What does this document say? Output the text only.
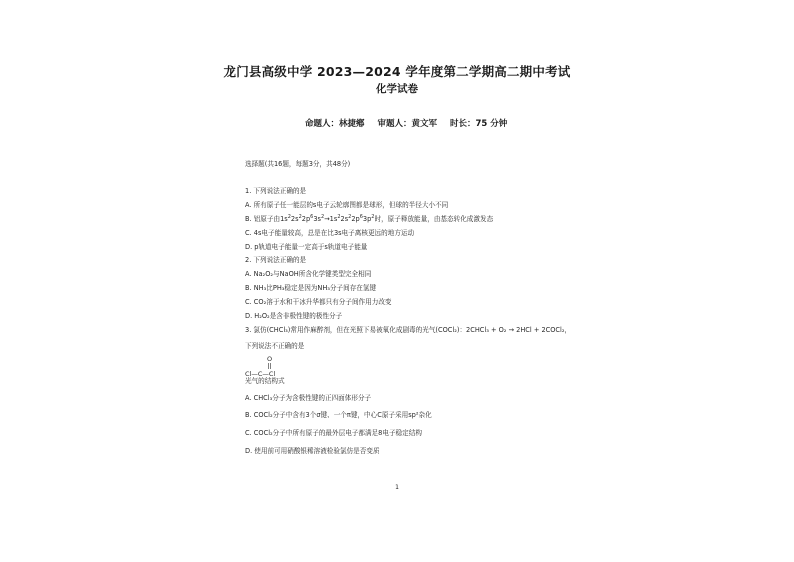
龙门县高级中学 2023—2024 学年度第二学期高二期中考试
化学试卷
命题人：林捷鄕 审题人：黄文军 时长：75 分钟
选择题(共16题，每题3分，共48分)
1. 下列说法正确的是
A. 所有原子任一能层的s电子云轮廓图都是球形，但球的半径大小不同
B. 铝原子由$1s^22s^22p^63s^2\to 1s^22s^22p^63p^2$时，原子释放能量，由基态转化成激发态
C. 4s电子能量较高，总是在比3s电子离核更远的地方运动
D. p轨道电子能量一定高于s轨道电子能量
2. 下列说法正确的是
A. Na₂O₂与NaOH所含化学键类型完全相同
B. NH₃比PH₃稳定是因为NH₃分子间存在氢键
C. CO₂溶于水和干冰升华都只有分子间作用力改变
D. H₂O₂是含非极性键的极性分子
3. 氯仿(CHCl₃)常用作麻醉剂，但在光照下易被氧化成剧毒的光气(COCl₂)：2CHCl₃ + O₂ → 2HCl + 2COCl₂，
下列说法不正确的是
O
Cl—C—Cl
光气的结构式
A. CHCl₃分子为含极性键的正四面体形分子
B. COCl₂分子中含有3个σ键、一个π键，中心C原子采用sp²杂化
C. COCl₂分子中所有原子的最外层电子都满足8电子稳定结构
D. 使用前可用硝酸银稀溶液检验氯仿是否变质
1
